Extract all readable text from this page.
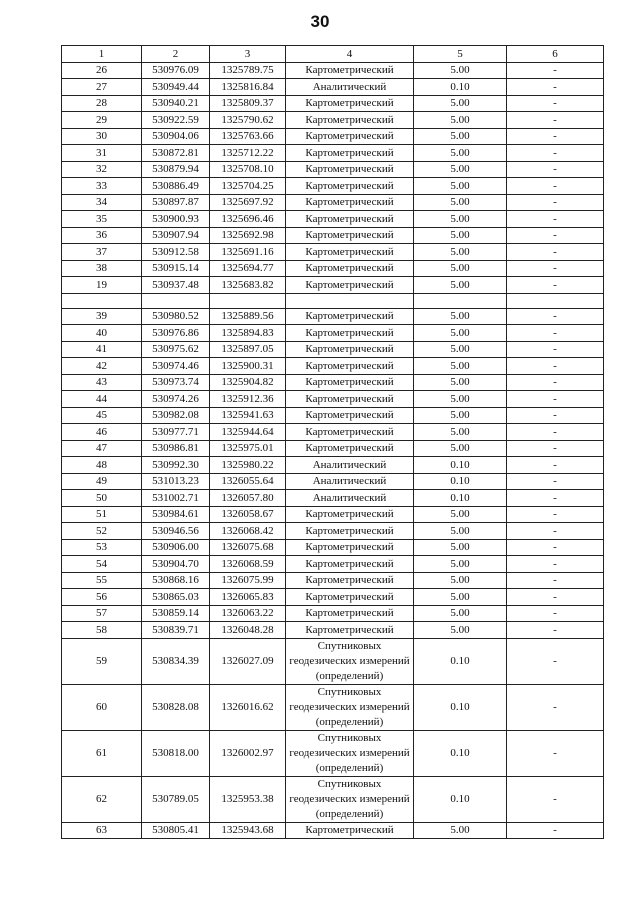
30
1	2	3	4	5	6
26	530976.09	1325789.75	Картометрический	5.00	-
27	530949.44	1325816.84	Аналитический	0.10	-
28	530940.21	1325809.37	Картометрический	5.00	-
29	530922.59	1325790.62	Картометрический	5.00	-
30	530904.06	1325763.66	Картометрический	5.00	-
31	530872.81	1325712.22	Картометрический	5.00	-
32	530879.94	1325708.10	Картометрический	5.00	-
33	530886.49	1325704.25	Картометрический	5.00	-
34	530897.87	1325697.92	Картометрический	5.00	-
35	530900.93	1325696.46	Картометрический	5.00	-
36	530907.94	1325692.98	Картометрический	5.00	-
37	530912.58	1325691.16	Картометрический	5.00	-
38	530915.14	1325694.77	Картометрический	5.00	-
19	530937.48	1325683.82	Картометрический	5.00	-

39	530980.52	1325889.56	Картометрический	5.00	-
40	530976.86	1325894.83	Картометрический	5.00	-
41	530975.62	1325897.05	Картометрический	5.00	-
42	530974.46	1325900.31	Картометрический	5.00	-
43	530973.74	1325904.82	Картометрический	5.00	-
44	530974.26	1325912.36	Картометрический	5.00	-
45	530982.08	1325941.63	Картометрический	5.00	-
46	530977.71	1325944.64	Картометрический	5.00	-
47	530986.81	1325975.01	Картометрический	5.00	-
48	530992.30	1325980.22	Аналитический	0.10	-
49	531013.23	1326055.64	Аналитический	0.10	-
50	531002.71	1326057.80	Аналитический	0.10	-
51	530984.61	1326058.67	Картометрический	5.00	-
52	530946.56	1326068.42	Картометрический	5.00	-
53	530906.00	1326075.68	Картометрический	5.00	-
54	530904.70	1326068.59	Картометрический	5.00	-
55	530868.16	1326075.99	Картометрический	5.00	-
56	530865.03	1326065.83	Картометрический	5.00	-
57	530859.14	1326063.22	Картометрический	5.00	-
58	530839.71	1326048.28	Картометрический	5.00	-
59	530834.39	1326027.09	Спутниковых геодезических измерений (определений)	0.10	-
60	530828.08	1326016.62	Спутниковых геодезических измерений (определений)	0.10	-
61	530818.00	1326002.97	Спутниковых геодезических измерений (определений)	0.10	-
62	530789.05	1325953.38	Спутниковых геодезических измерений (определений)	0.10	-
63	530805.41	1325943.68	Картометрический	5.00	-
